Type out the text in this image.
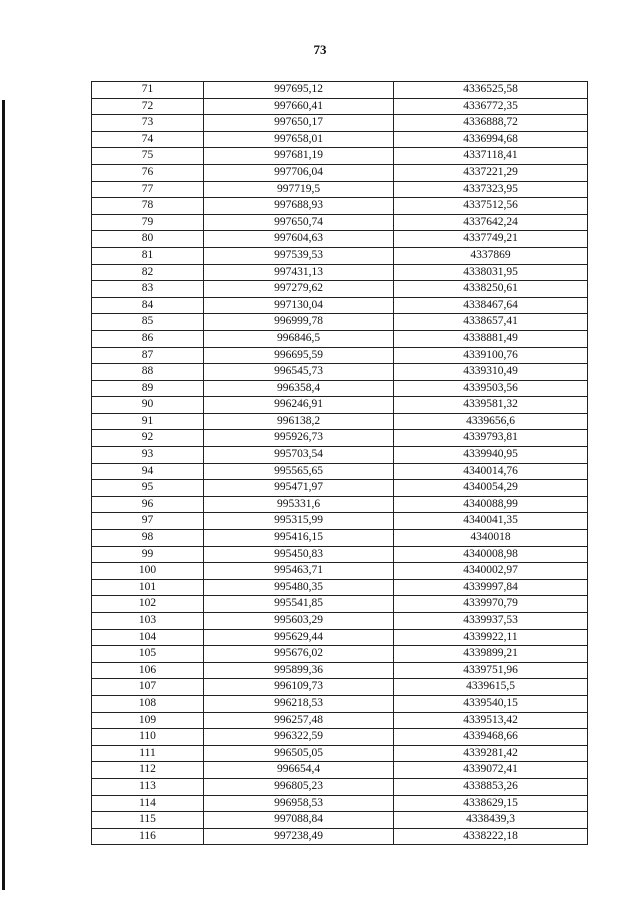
73
71	997695,12	4336525,58
72	997660,41	4336772,35
73	997650,17	4336888,72
74	997658,01	4336994,68
75	997681,19	4337118,41
76	997706,04	4337221,29
77	997719,5	4337323,95
78	997688,93	4337512,56
79	997650,74	4337642,24
80	997604,63	4337749,21
81	997539,53	4337869
82	997431,13	4338031,95
83	997279,62	4338250,61
84	997130,04	4338467,64
85	996999,78	4338657,41
86	996846,5	4338881,49
87	996695,59	4339100,76
88	996545,73	4339310,49
89	996358,4	4339503,56
90	996246,91	4339581,32
91	996138,2	4339656,6
92	995926,73	4339793,81
93	995703,54	4339940,95
94	995565,65	4340014,76
95	995471,97	4340054,29
96	995331,6	4340088,99
97	995315,99	4340041,35
98	995416,15	4340018
99	995450,83	4340008,98
100	995463,71	4340002,97
101	995480,35	4339997,84
102	995541,85	4339970,79
103	995603,29	4339937,53
104	995629,44	4339922,11
105	995676,02	4339899,21
106	995899,36	4339751,96
107	996109,73	4339615,5
108	996218,53	4339540,15
109	996257,48	4339513,42
110	996322,59	4339468,66
111	996505,05	4339281,42
112	996654,4	4339072,41
113	996805,23	4338853,26
114	996958,53	4338629,15
115	997088,84	4338439,3
116	997238,49	4338222,18
